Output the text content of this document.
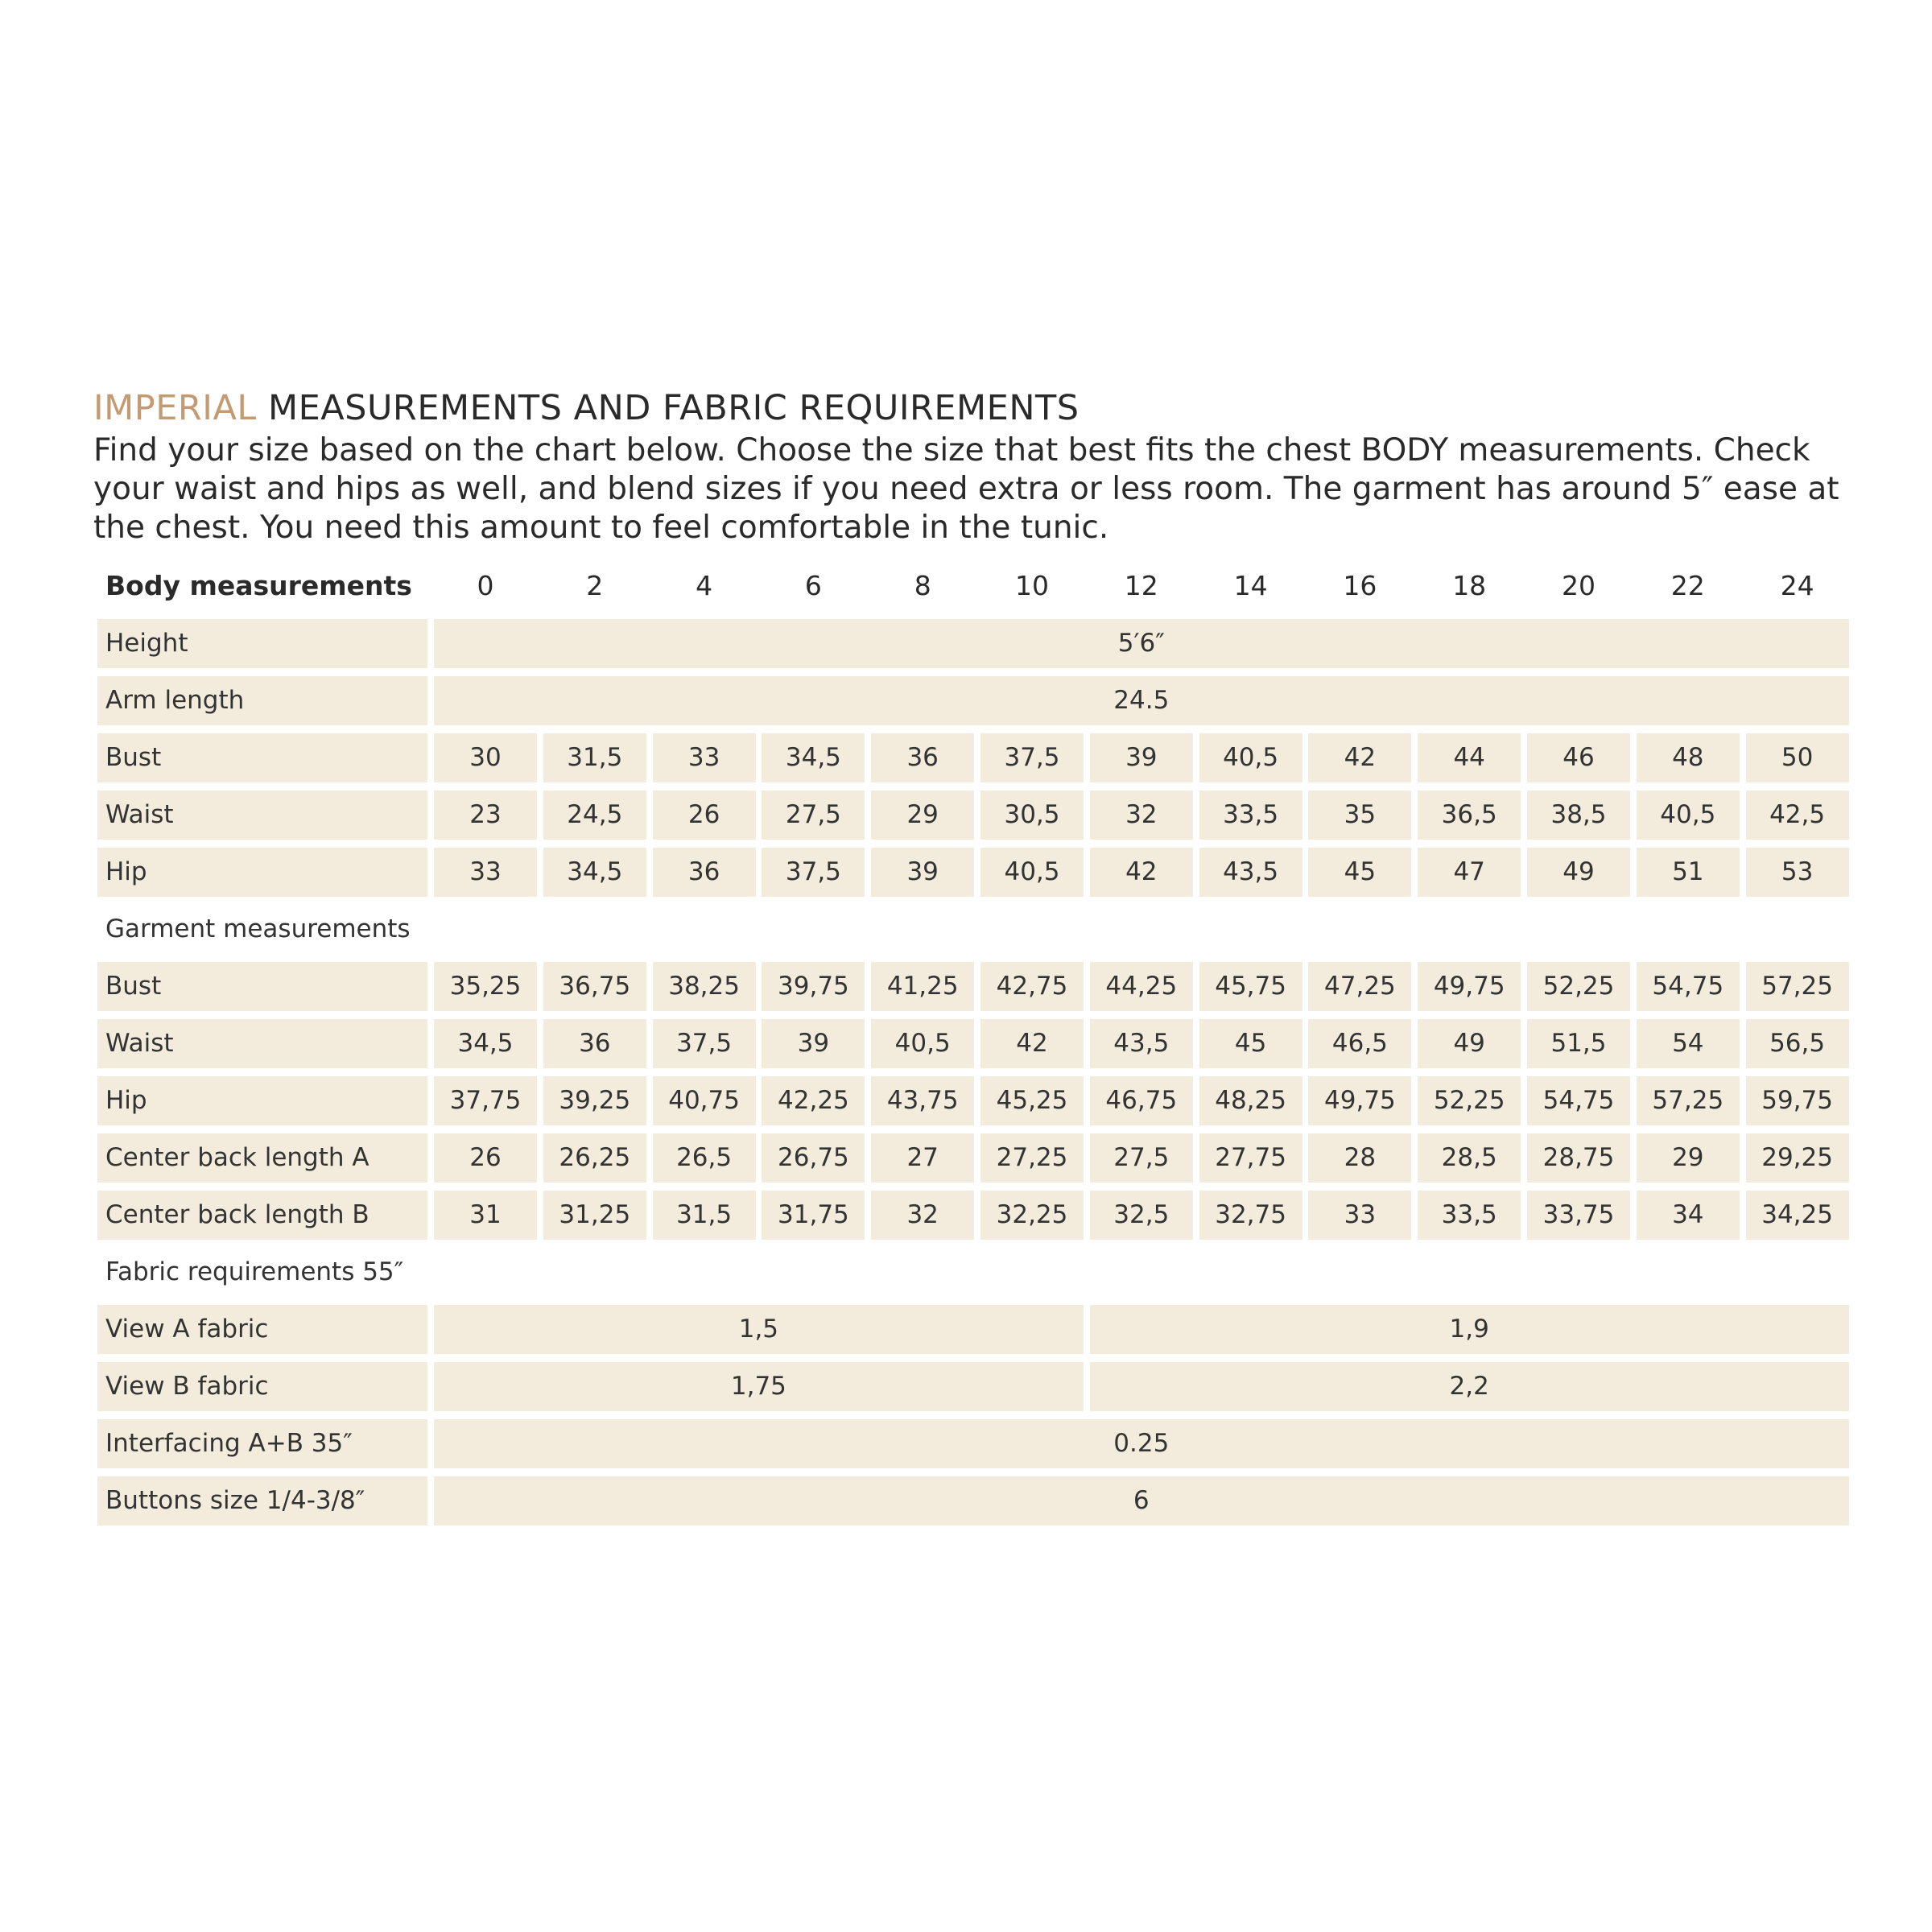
IMPERIAL MEASUREMENTS AND FABRIC REQUIREMENTS

Find your size based on the chart below. Choose the size that best fits the chest BODY measurements. Check your waist and hips as well, and blend sizes if you need extra or less room. The garment has around 5″ ease at the chest. You need this amount to feel comfortable in the tunic.

Body measurements	0	2	4	6	8	10	12	14	16	18	20	22	24
Height	5′6″
Arm length	24.5
Bust	30	31,5	33	34,5	36	37,5	39	40,5	42	44	46	48	50
Waist	23	24,5	26	27,5	29	30,5	32	33,5	35	36,5	38,5	40,5	42,5
Hip	33	34,5	36	37,5	39	40,5	42	43,5	45	47	49	51	53
Garment measurements
Bust	35,25	36,75	38,25	39,75	41,25	42,75	44,25	45,75	47,25	49,75	52,25	54,75	57,25
Waist	34,5	36	37,5	39	40,5	42	43,5	45	46,5	49	51,5	54	56,5
Hip	37,75	39,25	40,75	42,25	43,75	45,25	46,75	48,25	49,75	52,25	54,75	57,25	59,75
Center back length A	26	26,25	26,5	26,75	27	27,25	27,5	27,75	28	28,5	28,75	29	29,25
Center back length B	31	31,25	31,5	31,75	32	32,25	32,5	32,75	33	33,5	33,75	34	34,25
Fabric requirements 55″
View A fabric	1,5	1,9
View B fabric	1,75	2,2
Interfacing A+B 35″	0.25
Buttons size 1/4-3/8″	6
